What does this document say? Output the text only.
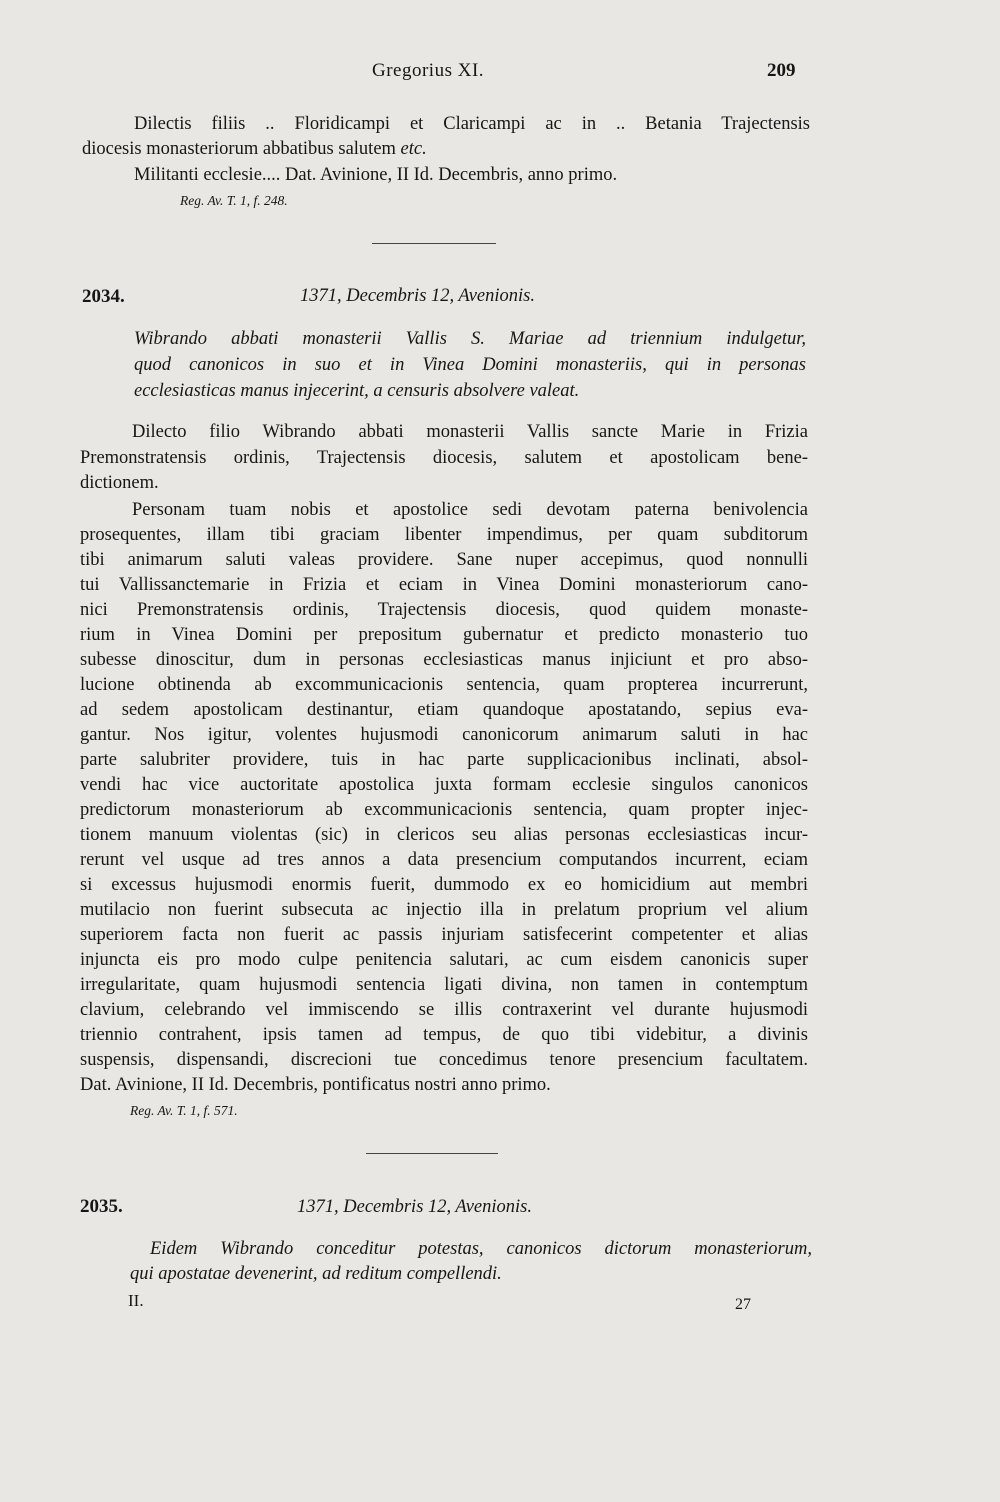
Gregorius XI.	209
Dilectis filiis .. Floridicampi et Claricampi ac in .. Betania Trajectensis
diocesis monasteriorum abbatibus salutem etc.
Militanti ecclesie.... Dat. Avinione, II Id. Decembris, anno primo.
Reg. Av. T. 1, f. 248.
2034.	1371, Decembris 12, Avenionis.
Wibrando abbati monasterii Vallis S. Mariae ad triennium indulgetur,
quod canonicos in suo et in Vinea Domini monasteriis, qui in personas
ecclesiasticas manus injecerint, a censuris absolvere valeat.
Dilecto filio Wibrando abbati monasterii Vallis sancte Marie in Frizia
Premonstratensis ordinis, Trajectensis diocesis, salutem et apostolicam bene-
dictionem.
Personam tuam nobis et apostolice sedi devotam paterna benivolencia
prosequentes, illam tibi graciam libenter impendimus, per quam subditorum
tibi animarum saluti valeas providere. Sane nuper accepimus, quod nonnulli
tui Vallissanctemarie in Frizia et eciam in Vinea Domini monasteriorum cano-
nici Premonstratensis ordinis, Trajectensis diocesis, quod quidem monaste-
rium in Vinea Domini per prepositum gubernatur et predicto monasterio tuo
subesse dinoscitur, dum in personas ecclesiasticas manus injiciunt et pro abso-
lucione obtinenda ab excommunicacionis sentencia, quam propterea incurrerunt,
ad sedem apostolicam destinantur, etiam quandoque apostatando, sepius eva-
gantur. Nos igitur, volentes hujusmodi canonicorum animarum saluti in hac
parte salubriter providere, tuis in hac parte supplicacionibus inclinati, absol-
vendi hac vice auctoritate apostolica juxta formam ecclesie singulos canonicos
predictorum monasteriorum ab excommunicacionis sentencia, quam propter injec-
tionem manuum violentas (sic) in clericos seu alias personas ecclesiasticas incur-
rerunt vel usque ad tres annos a data presencium computandos incurrent, eciam
si excessus hujusmodi enormis fuerit, dummodo ex eo homicidium aut membri
mutilacio non fuerint subsecuta ac injectio illa in prelatum proprium vel alium
superiorem facta non fuerit ac passis injuriam satisfecerint competenter et alias
injuncta eis pro modo culpe penitencia salutari, ac cum eisdem canonicis super
irregularitate, quam hujusmodi sentencia ligati divina, non tamen in contemptum
clavium, celebrando vel immiscendo se illis contraxerint vel durante hujusmodi
triennio contrahent, ipsis tamen ad tempus, de quo tibi videbitur, a divinis
suspensis, dispensandi, discrecioni tue concedimus tenore presencium facultatem.
Dat. Avinione, II Id. Decembris, pontificatus nostri anno primo.
Reg. Av. T. 1, f. 571.
2035.	1371, Decembris 12, Avenionis.
Eidem Wibrando conceditur potestas, canonicos dictorum monasteriorum,
qui apostatae devenerint, ad reditum compellendi.
II.	27
